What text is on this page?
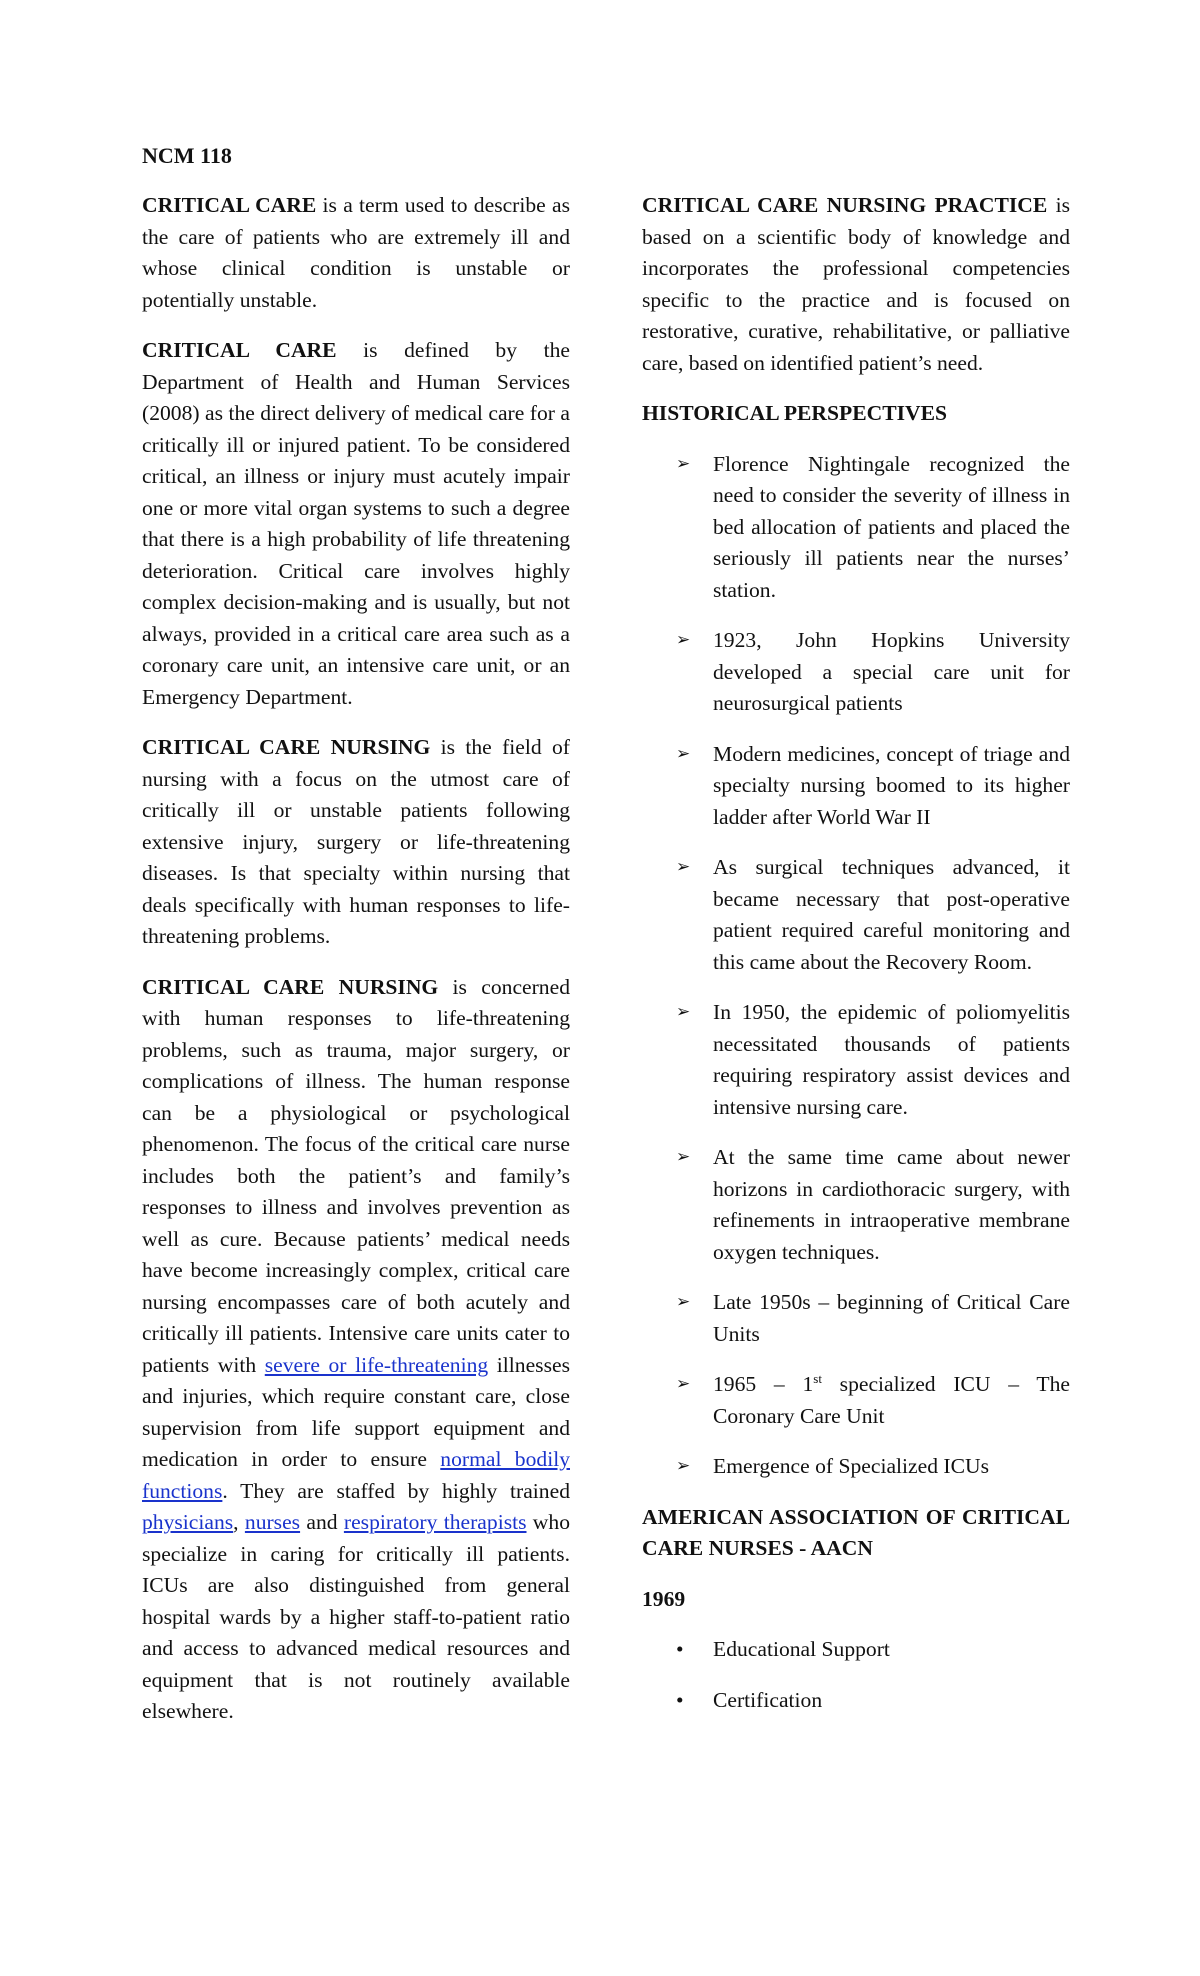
NCM 118

CRITICAL CARE is a term used to describe as the care of patients who are extremely ill and whose clinical condition is unstable or potentially unstable.

CRITICAL CARE is defined by the Department of Health and Human Services (2008) as the direct delivery of medical care for a critically ill or injured patient. To be considered critical, an illness or injury must acutely impair one or more vital organ systems to such a degree that there is a high probability of life threatening deterioration. Critical care involves highly complex decision-making and is usually, but not always, provided in a critical care area such as a coronary care unit, an intensive care unit, or an Emergency Department.

CRITICAL CARE NURSING is the field of nursing with a focus on the utmost care of critically ill or unstable patients following extensive injury, surgery or life-threatening diseases. Is that specialty within nursing that deals specifically with human responses to life-threatening problems.

CRITICAL CARE NURSING is concerned with human responses to life-threatening problems, such as trauma, major surgery, or complications of illness. The human response can be a physiological or psychological phenomenon. The focus of the critical care nurse includes both the patient’s and family’s responses to illness and involves prevention as well as cure. Because patients’ medical needs have become increasingly complex, critical care nursing encompasses care of both acutely and critically ill patients. Intensive care units cater to patients with severe or life-threatening illnesses and injuries, which require constant care, close supervision from life support equipment and medication in order to ensure normal bodily functions. They are staffed by highly trained physicians, nurses and respiratory therapists who specialize in caring for critically ill patients. ICUs are also distinguished from general hospital wards by a higher staff-to-patient ratio and access to advanced medical resources and equipment that is not routinely available elsewhere.

CRITICAL CARE NURSING PRACTICE is based on a scientific body of knowledge and incorporates the professional competencies specific to the practice and is focused on restorative, curative, rehabilitative, or palliative care, based on identified patient’s need.

HISTORICAL PERSPECTIVES
➢ Florence Nightingale recognized the need to consider the severity of illness in bed allocation of patients and placed the seriously ill patients near the nurses’ station.
➢ 1923, John Hopkins University developed a special care unit for neurosurgical patients
➢ Modern medicines, concept of triage and specialty nursing boomed to its higher ladder after World War II
➢ As surgical techniques advanced, it became necessary that post-operative patient required careful monitoring and this came about the Recovery Room.
➢ In 1950, the epidemic of poliomyelitis necessitated thousands of patients requiring respiratory assist devices and intensive nursing care.
➢ At the same time came about newer horizons in cardiothoracic surgery, with refinements in intraoperative membrane oxygen techniques.
➢ Late 1950s – beginning of Critical Care Units
➢ 1965 – 1st specialized ICU – The Coronary Care Unit
➢ Emergence of Specialized ICUs
AMERICAN ASSOCIATION OF CRITICAL CARE NURSES - AACN
1969
• Educational Support
• Certification
